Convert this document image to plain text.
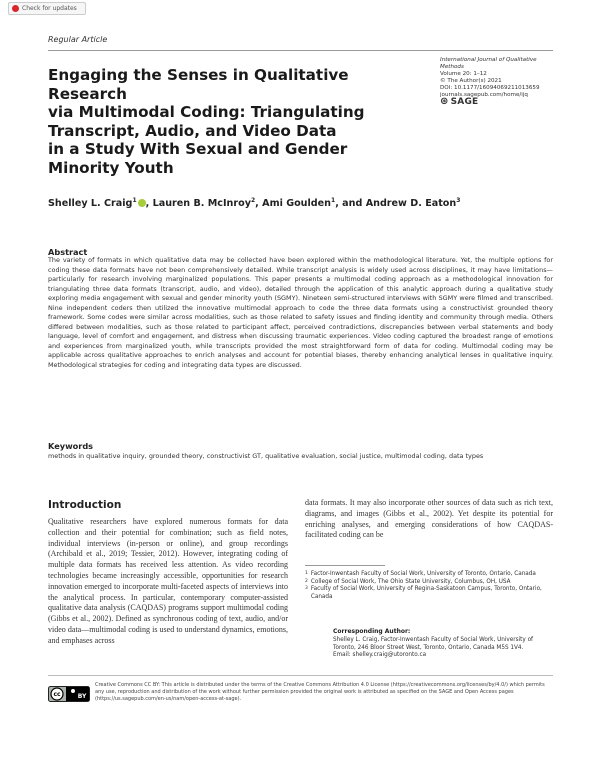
Check for updates
Regular Article
International Journal of Qualitative Methods
Volume 20: 1–12
© The Author(s) 2021
DOI: 10.1177/16094069211013659
journals.sagepub.com/home/ijq
⊛ SAGE
Engaging the Senses in Qualitative Research
via Multimodal Coding: Triangulating
Transcript, Audio, and Video Data
in a Study With Sexual and Gender
Minority Youth
Shelley L. Craig$^1$ , Lauren B. McInroy$^2$, Ami Goulden$^1$, and Andrew D. Eaton$^3$
Abstract

The variety of formats in which qualitative data may be collected have been explored within the methodological literature. Yet, the multiple options for coding these data formats have not been comprehensively detailed. While transcript analysis is widely used across disciplines, it may have limitations—particularly for research involving marginalized populations. This paper presents a multimodal coding approach as a methodological innovation for triangulating three data formats (transcript, audio, and video), detailed through the application of this analytic approach during a qualitative study exploring media engagement with sexual and gender minority youth (SGMY). Nineteen semi-structured interviews with SGMY were filmed and transcribed. Nine independent coders then utilized the innovative multimodal approach to code the three data formats using a constructivist grounded theory framework. Some codes were similar across modalities, such as those related to safety issues and finding identity and community through media. Others differed between modalities, such as those related to participant affect, perceived contradictions, discrepancies between verbal statements and body language, level of comfort and engagement, and distress when discussing traumatic experiences. Video coding captured the broadest range of emotions and experiences from marginalized youth, while transcripts provided the most straightforward form of data for coding. Multimodal coding may be applicable across qualitative approaches to enrich analyses and account for potential biases, thereby enhancing analytical lenses in qualitative inquiry. Methodological strategies for coding and integrating data types are discussed.

Keywords

methods in qualitative inquiry, grounded theory, constructivist GT, qualitative evaluation, social justice, multimodal coding, data types

Introduction

Qualitative researchers have explored numerous formats for data collection and their potential for combination; such as field notes, individual interviews (in-person or online), and group recordings (Archibald et al., 2019; Tessier, 2012). However, integrating coding of multiple data formats has received less attention. As video recording technologies became increasingly accessible, opportunities for research innovation emerged to incorporate multi-faceted aspects of interviews into the analytical process. In particular, contemporary computer-assisted qualitative data analysis (CAQDAS) programs support multimodal coding (Gibbs et al., 2002). Defined as synchronous coding of text, audio, and/or video data—multimodal coding is used to understand dynamics, emotions, and emphases across

data formats. It may also incorporate other sources of data such as rich text, diagrams, and images (Gibbs et al., 2002). Yet despite its potential for enriching analyses, and emerging considerations of how CAQDAS-facilitated coding can be

1 Factor-Inwentash Faculty of Social Work, University of Toronto, Ontario, Canada
2 College of Social Work, The Ohio State University, Columbus, OH, USA
3 Faculty of Social Work, University of Regina-Saskatoon Campus, Toronto, Ontario, Canada
Corresponding Author:
Shelley L. Craig, Factor-Inwentash Faculty of Social Work, University of Toronto, 246 Bloor Street West, Toronto, Ontario, Canada M5S 1V4.
Email: shelley.craig@utoronto.ca
cc	BY
Creative Commons CC BY: This article is distributed under the terms of the Creative Commons Attribution 4.0 License (https://creativecommons.org/licenses/by/4.0/) which permits any use, reproduction and distribution of the work without further permission provided the original work is attributed as specified on the SAGE and Open Access pages (https://us.sagepub.com/en-us/nam/open-access-at-sage).
